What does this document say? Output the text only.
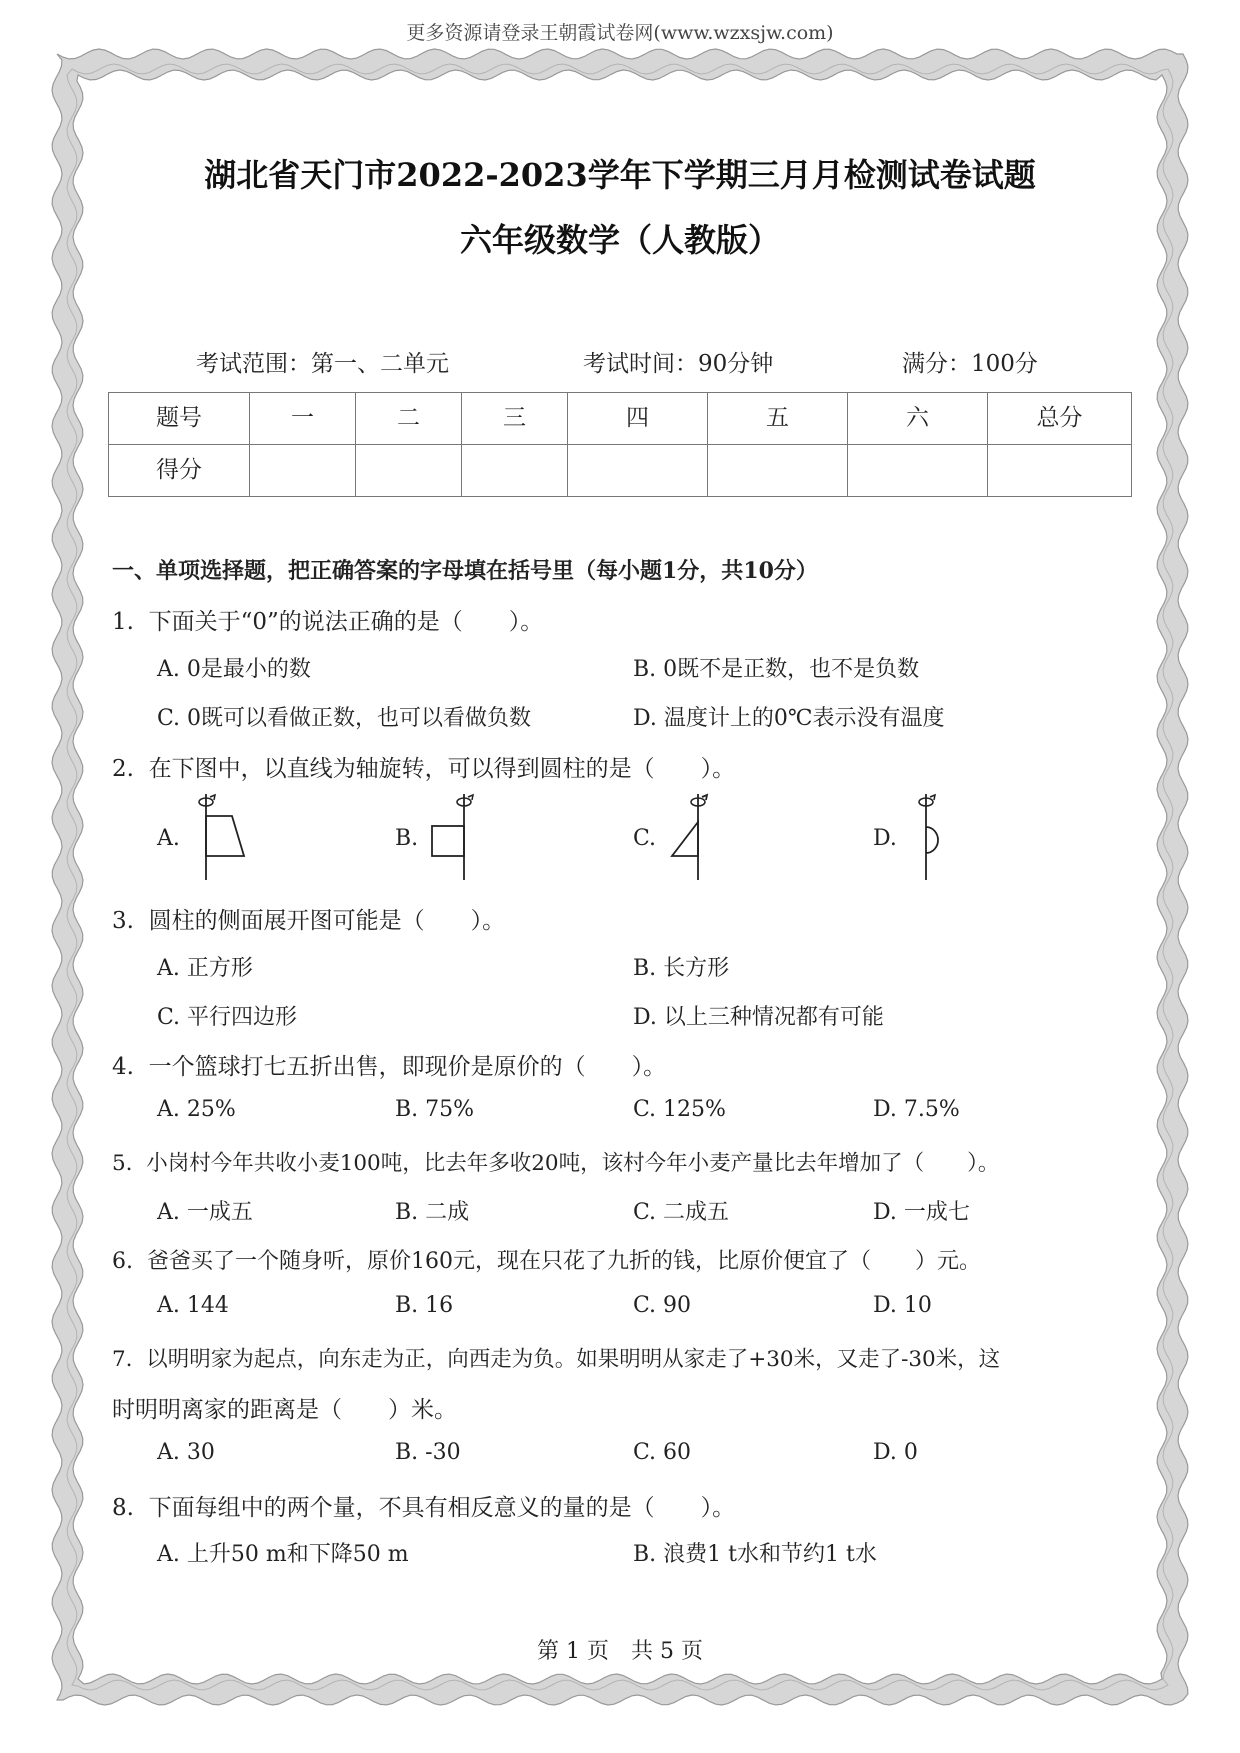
更多资源请登录王朝霞试卷网(www.wzxsjw.com)
湖北省天门市2022-2023学年下学期三月月检测试卷试题
六年级数学（人教版）
考试范围：第一、二单元	考试时间：90分钟	满分：100分
题号	一	二	三	四	五	六	总分
得分							
一、单项选择题，把正确答案的字母填在括号里（每小题1分，共10分）
1. 下面关于“0”的说法正确的是（　　）。
A. 0是最小的数	B. 0既不是正数，也不是负数
C. 0既可以看做正数，也可以看做负数	D. 温度计上的0℃表示没有温度
2. 在下图中，以直线为轴旋转，可以得到圆柱的是（　　）。
A.	B.	C.	D.
3. 圆柱的侧面展开图可能是（　　）。
A. 正方形	B. 长方形
C. 平行四边形	D. 以上三种情况都有可能
4. 一个篮球打七五折出售，即现价是原价的（　　）。
A. 25%	B. 75%	C. 125%	D. 7.5%
5. 小岗村今年共收小麦100吨，比去年多收20吨，该村今年小麦产量比去年增加了（　　）。
A. 一成五	B. 二成	C. 二成五	D. 一成七
6. 爸爸买了一个随身听，原价160元，现在只花了九折的钱，比原价便宜了（　　）元。
A. 144	B. 16	C. 90	D. 10
7. 以明明家为起点，向东走为正，向西走为负。如果明明从家走了+30米，又走了-30米，这
时明明离家的距离是（　　）米。
A. 30	B. -30	C. 60	D. 0
8. 下面每组中的两个量，不具有相反意义的量的是（　　）。
A. 上升50 m和下降50 m	B. 浪费1 t水和节约1 t水
第 1 页　共 5 页
